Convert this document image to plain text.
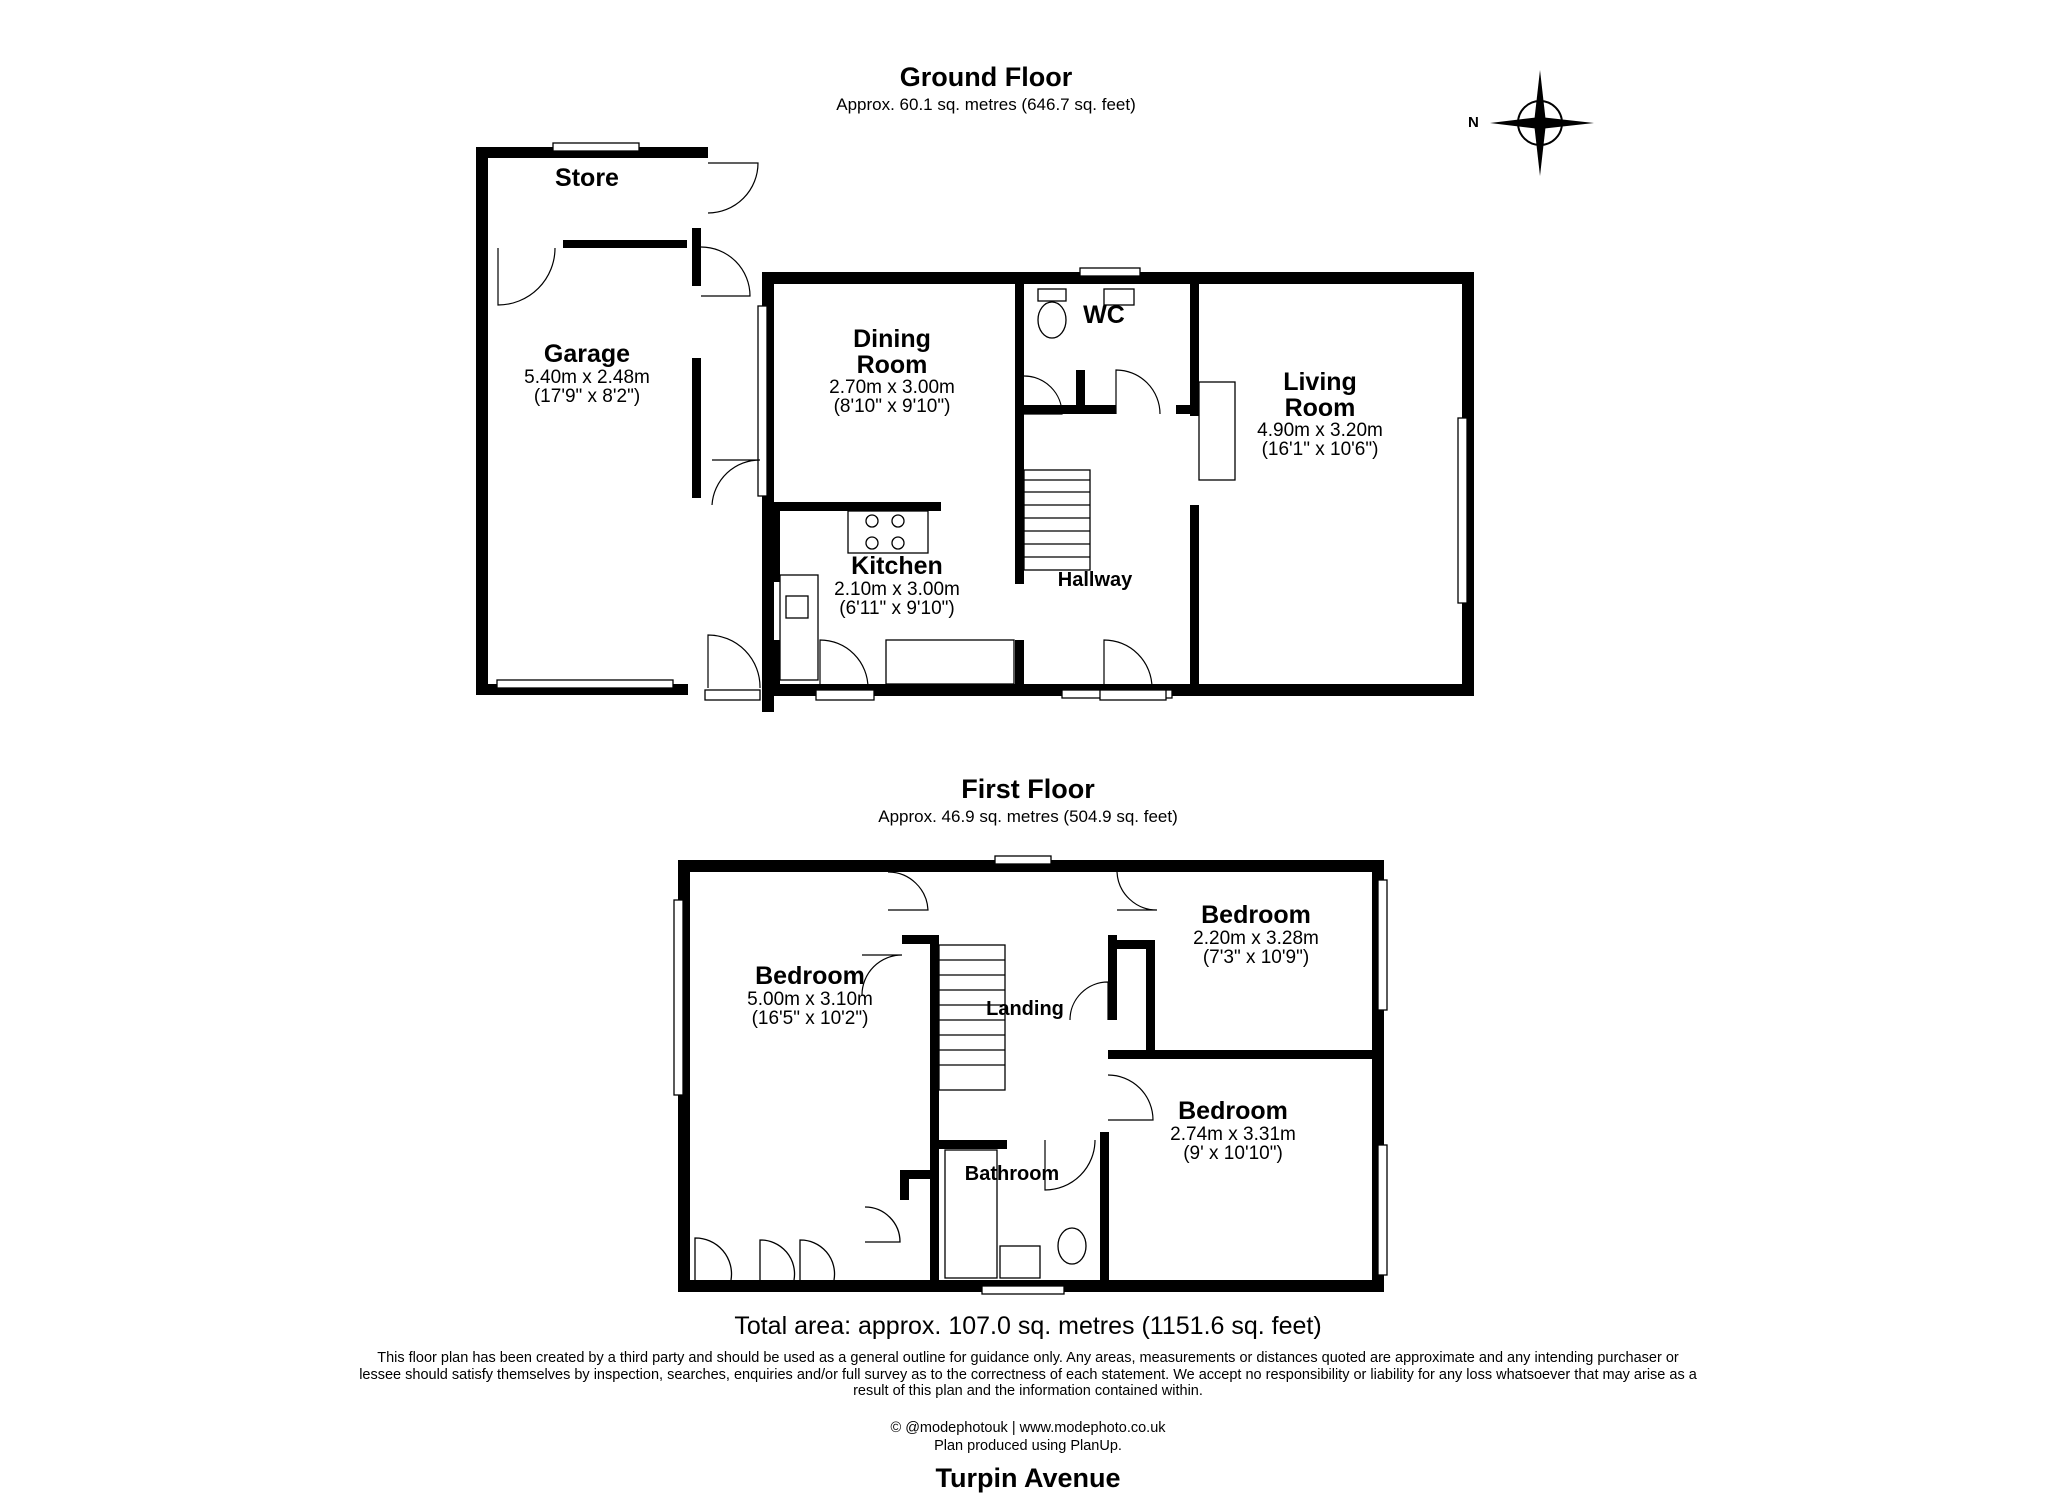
Ground Floor
Approx. 60.1 sq. metres (646.7 sq. feet)
N
Store
Garage
5.40m x 2.48m
(17'9" x 8'2")
Dining
Room
2.70m x 3.00m
(8'10" x 9'10")
WC
Living
Room
4.90m x 3.20m
(16'1" x 10'6")
Kitchen
2.10m x 3.00m
(6'11" x 9'10")
Hallway
First Floor
Approx. 46.9 sq. metres (504.9 sq. feet)
Bedroom
5.00m x 3.10m
(16'5" x 10'2")
Bedroom
2.20m x 3.28m
(7'3" x 10'9")
Bedroom
2.74m x 3.31m
(9' x 10'10")
Landing
Bathroom
Total area: approx. 107.0 sq. metres (1151.6 sq. feet)
This floor plan has been created by a third party and should be used as a general outline for guidance only. Any areas, measurements or distances quoted are approximate and any intending purchaser or lessee should satisfy themselves by inspection, searches, enquiries and/or full survey as to the correctness of each statement. We accept no responsibility or liability for any loss whatsoever that may arise as a result of this plan and the information contained within.
© @modephotouk | www.modephoto.co.uk
Plan produced using PlanUp.
Turpin Avenue
